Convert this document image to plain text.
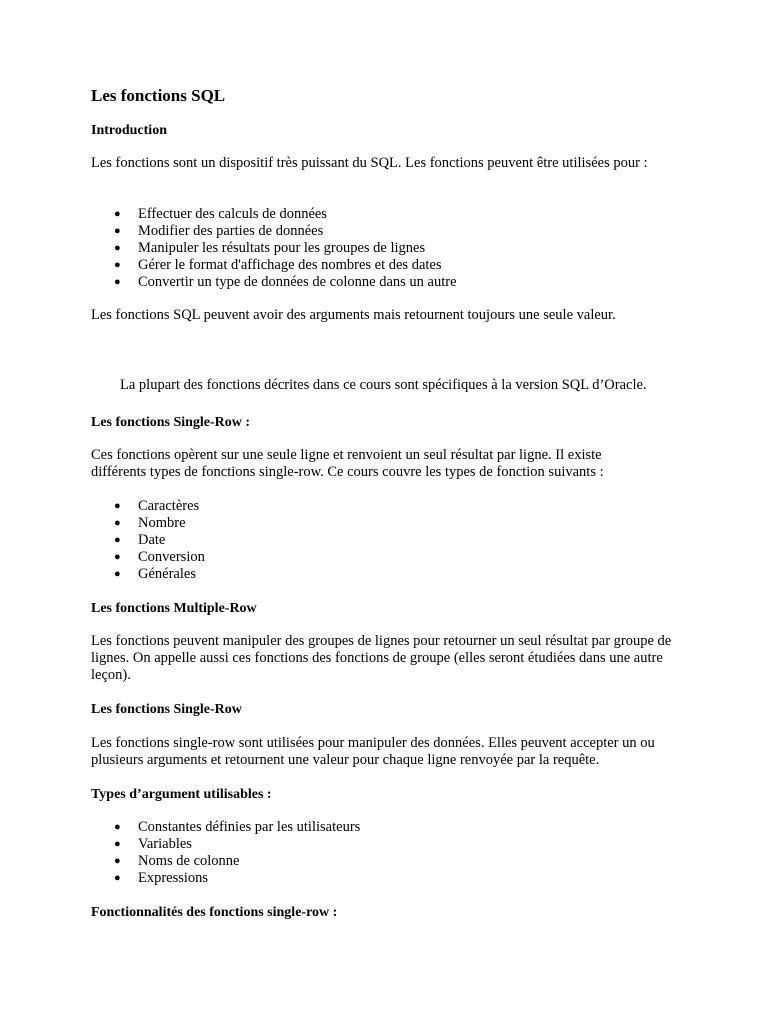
Les fonctions SQL
Introduction

Les fonctions sont un dispositif très puissant du SQL. Les fonctions peuvent être utilisées pour :

● Effectuer des calculs de données
● Modifier des parties de données
● Manipuler les résultats pour les groupes de lignes
● Gérer le format d'affichage des nombres et des dates
● Convertir un type de données de colonne dans un autre

Les fonctions SQL peuvent avoir des arguments mais retournent toujours une seule valeur.

La plupart des fonctions décrites dans ce cours sont spécifiques à la version SQL d’Oracle.

Les fonctions Single-Row :

Ces fonctions opèrent sur une seule ligne et renvoient un seul résultat par ligne. Il existe différents types de fonctions single-row. Ce cours couvre les types de fonction suivants :

● Caractères
● Nombre
● Date
● Conversion
● Générales
Les fonctions Multiple-Row

Les fonctions peuvent manipuler des groupes de lignes pour retourner un seul résultat par groupe de lignes. On appelle aussi ces fonctions des fonctions de groupe (elles seront étudiées dans une autre leçon).

Les fonctions Single-Row

Les fonctions single-row sont utilisées pour manipuler des données. Elles peuvent accepter un ou plusieurs arguments et retournent une valeur pour chaque ligne renvoyée par la requête.

Types d’argument utilisables :
● Constantes définies par les utilisateurs
● Variables
● Noms de colonne
● Expressions
Fonctionnalités des fonctions single-row :
